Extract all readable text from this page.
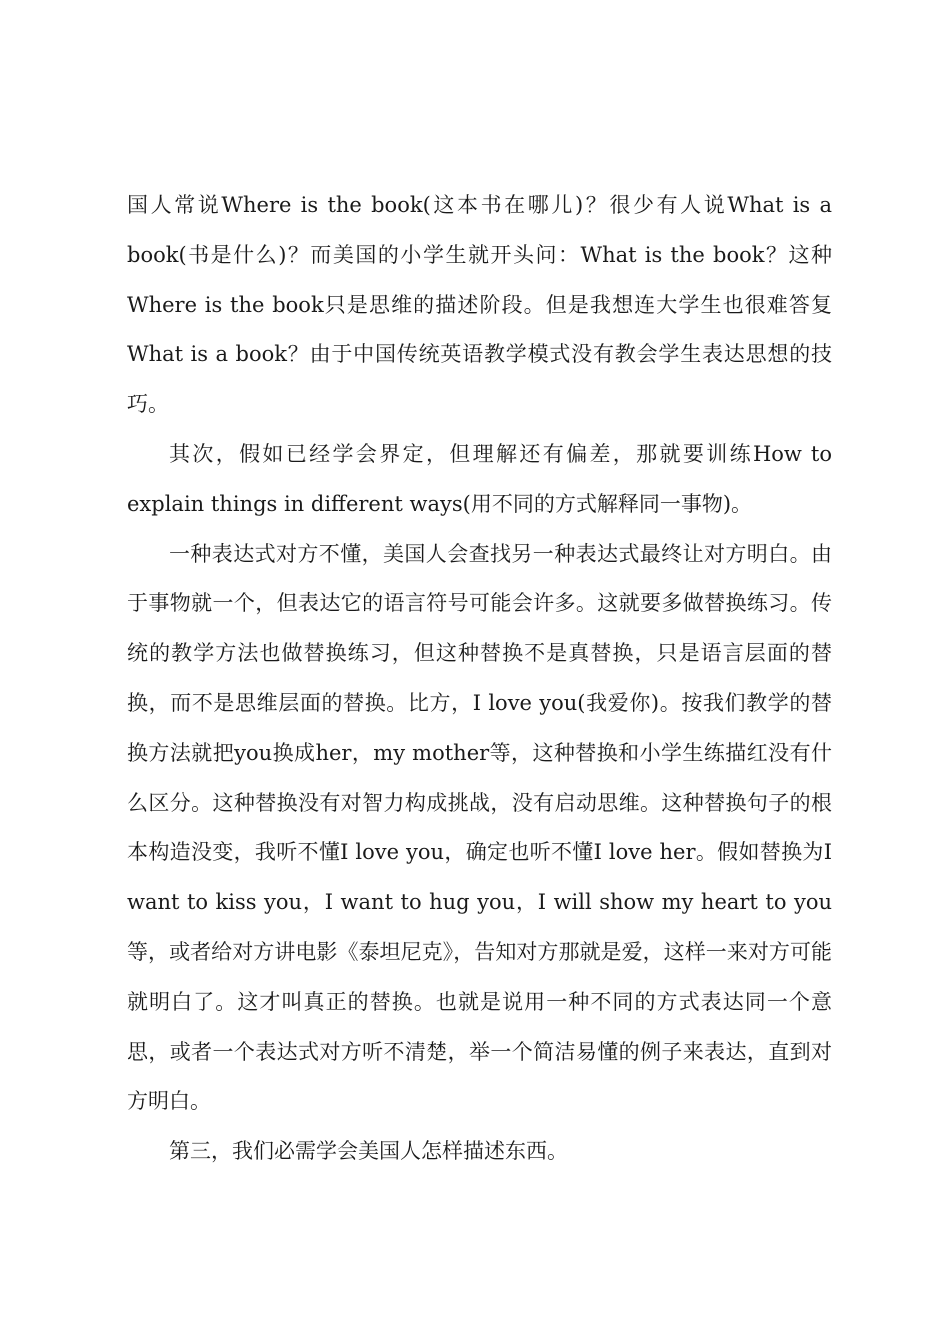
国人常说Where is the book(这本书在哪儿)？很少有人说What is a book(书是什么)？而美国的小学生就开头问：What is the book？这种Where is the book只是思维的描述阶段。但是我想连大学生也很难答复What is a book？由于中国传统英语教学模式没有教会学生表达思想的技巧。

其次，假如已经学会界定，但理解还有偏差，那就要训练How to explain things in different ways(用不同的方式解释同一事物)。

一种表达式对方不懂，美国人会查找另一种表达式最终让对方明白。由于事物就一个，但表达它的语言符号可能会许多。这就要多做替换练习。传统的教学方法也做替换练习，但这种替换不是真替换，只是语言层面的替换，而不是思维层面的替换。比方，I love you(我爱你)。按我们教学的替换方法就把you换成her，my mother等，这种替换和小学生练描红没有什么区分。这种替换没有对智力构成挑战，没有启动思维。这种替换句子的根本构造没变，我听不懂I love you，确定也听不懂I love her。假如替换为I want to kiss you，I want to hug you，I will show my heart to you等，或者给对方讲电影《泰坦尼克》，告知对方那就是爱，这样一来对方可能就明白了。这才叫真正的替换。也就是说用一种不同的方式表达同一个意思，或者一个表达式对方听不清楚，举一个简洁易懂的例子来表达，直到对方明白。

第三，我们必需学会美国人怎样描述东西。
